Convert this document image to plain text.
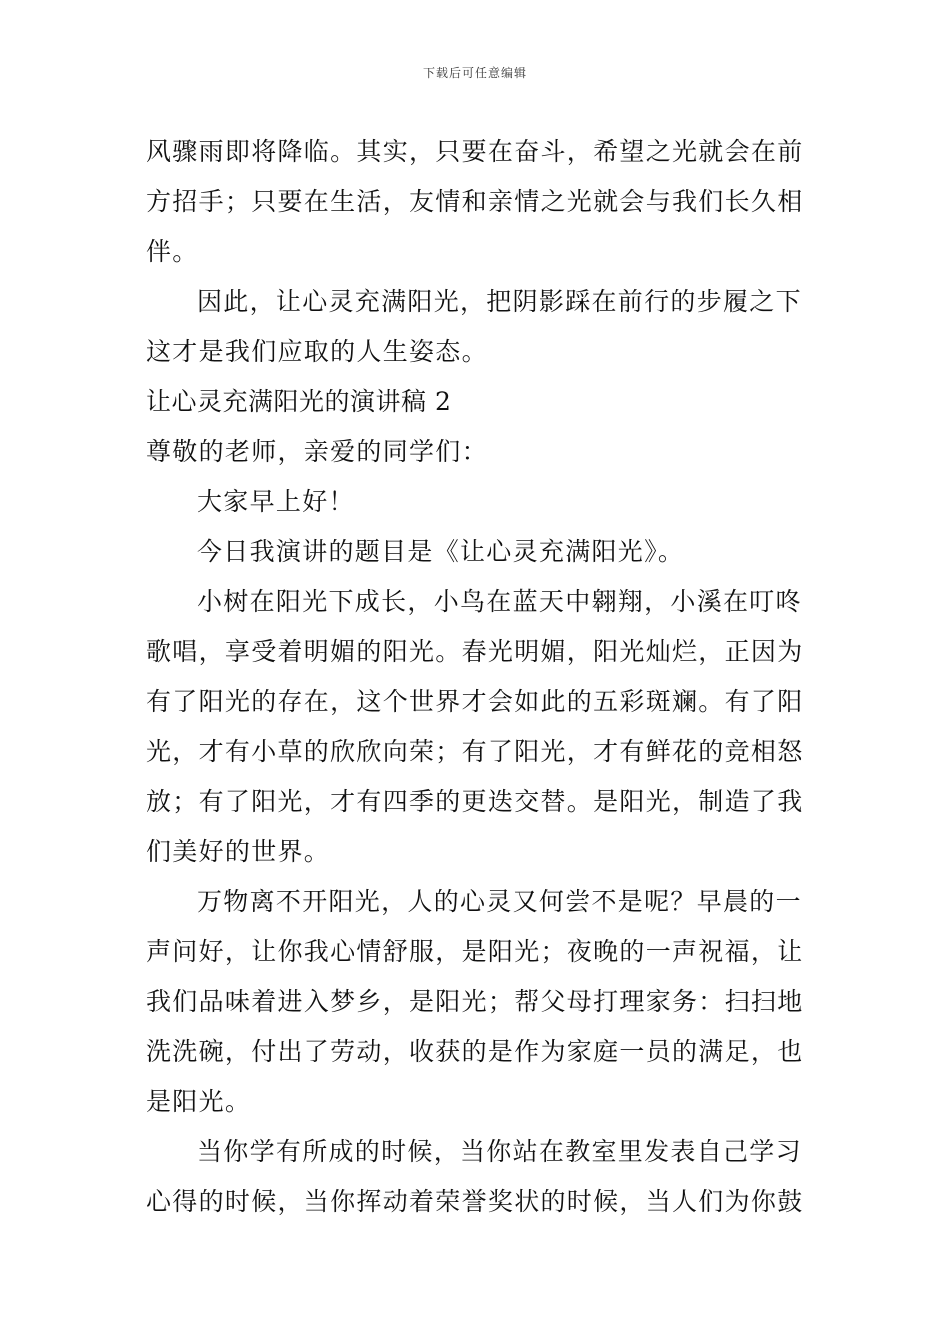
下载后可任意编辑
风骤雨即将降临。其实，只要在奋斗，希望之光就会在前
方招手；只要在生活，友情和亲情之光就会与我们长久相
伴。
因此，让心灵充满阳光，把阴影踩在前行的步履之下
这才是我们应取的人生姿态。
让心灵充满阳光的演讲稿 2
尊敬的老师，亲爱的同学们：
大家早上好！
今日我演讲的题目是《让心灵充满阳光》。
小树在阳光下成长，小鸟在蓝天中翱翔，小溪在叮咚
歌唱，享受着明媚的阳光。春光明媚，阳光灿烂，正因为
有了阳光的存在，这个世界才会如此的五彩斑斓。有了阳
光，才有小草的欣欣向荣；有了阳光，才有鲜花的竞相怒
放；有了阳光，才有四季的更迭交替。是阳光，制造了我
们美好的世界。
万物离不开阳光，人的心灵又何尝不是呢？早晨的一
声问好，让你我心情舒服，是阳光；夜晚的一声祝福，让
我们品味着进入梦乡，是阳光；帮父母打理家务：扫扫地
洗洗碗，付出了劳动，收获的是作为家庭一员的满足，也
是阳光。
当你学有所成的时候，当你站在教室里发表自己学习
心得的时候，当你挥动着荣誉奖状的时候，当人们为你鼓
